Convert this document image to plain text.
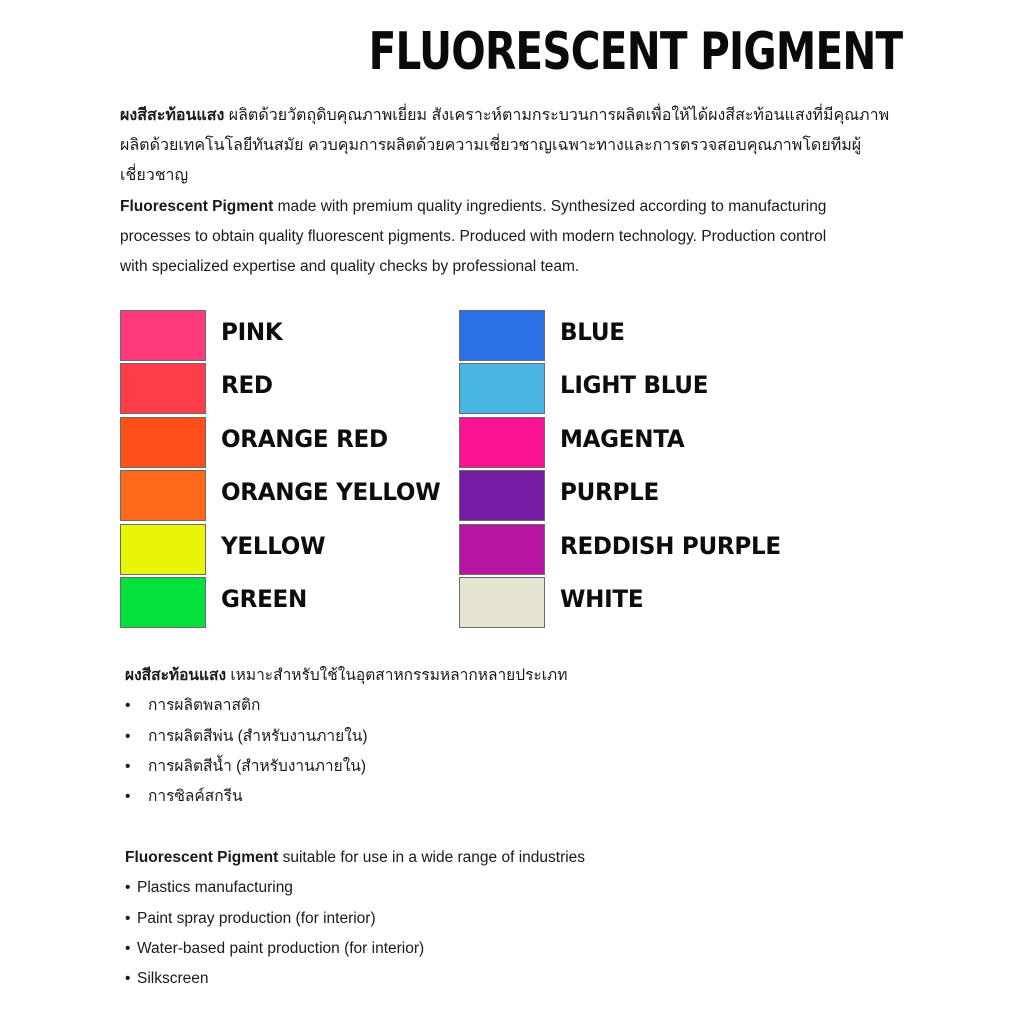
FLUORESCENT PIGMENT
ผงสีสะท้อนแสง ผลิตด้วยวัตถุดิบคุณภาพเยี่ยม สังเคราะห์ตามกระบวนการผลิตเพื่อให้ได้ผงสีสะท้อนแสงที่มีคุณภาพ
ผลิตด้วยเทคโนโลยีทันสมัย ควบคุมการผลิตด้วยความเชี่ยวชาญเฉพาะทางและการตรวจสอบคุณภาพโดยทีมผู้เชี่ยวชาญ
Fluorescent Pigment made with premium quality ingredients. Synthesized according to manufacturing
processes to obtain quality fluorescent pigments. Produced with modern technology. Production control
with specialized expertise and quality checks by professional team.
PINK
RED
ORANGE RED
ORANGE YELLOW
YELLOW
GREEN
BLUE
LIGHT BLUE
MAGENTA
PURPLE
REDDISH PURPLE
WHITE
ผงสีสะท้อนแสง เหมาะสำหรับใช้ในอุตสาหกรรมหลากหลายประเภท
• การผลิตพลาสติก
• การผลิตสีพ่น (สำหรับงานภายใน)
• การผลิตสีน้ำ (สำหรับงานภายใน)
• การซิลค์สกรีน
Fluorescent Pigment suitable for use in a wide range of industries
• Plastics manufacturing
• Paint spray production (for interior)
• Water-based paint production (for interior)
• Silkscreen
